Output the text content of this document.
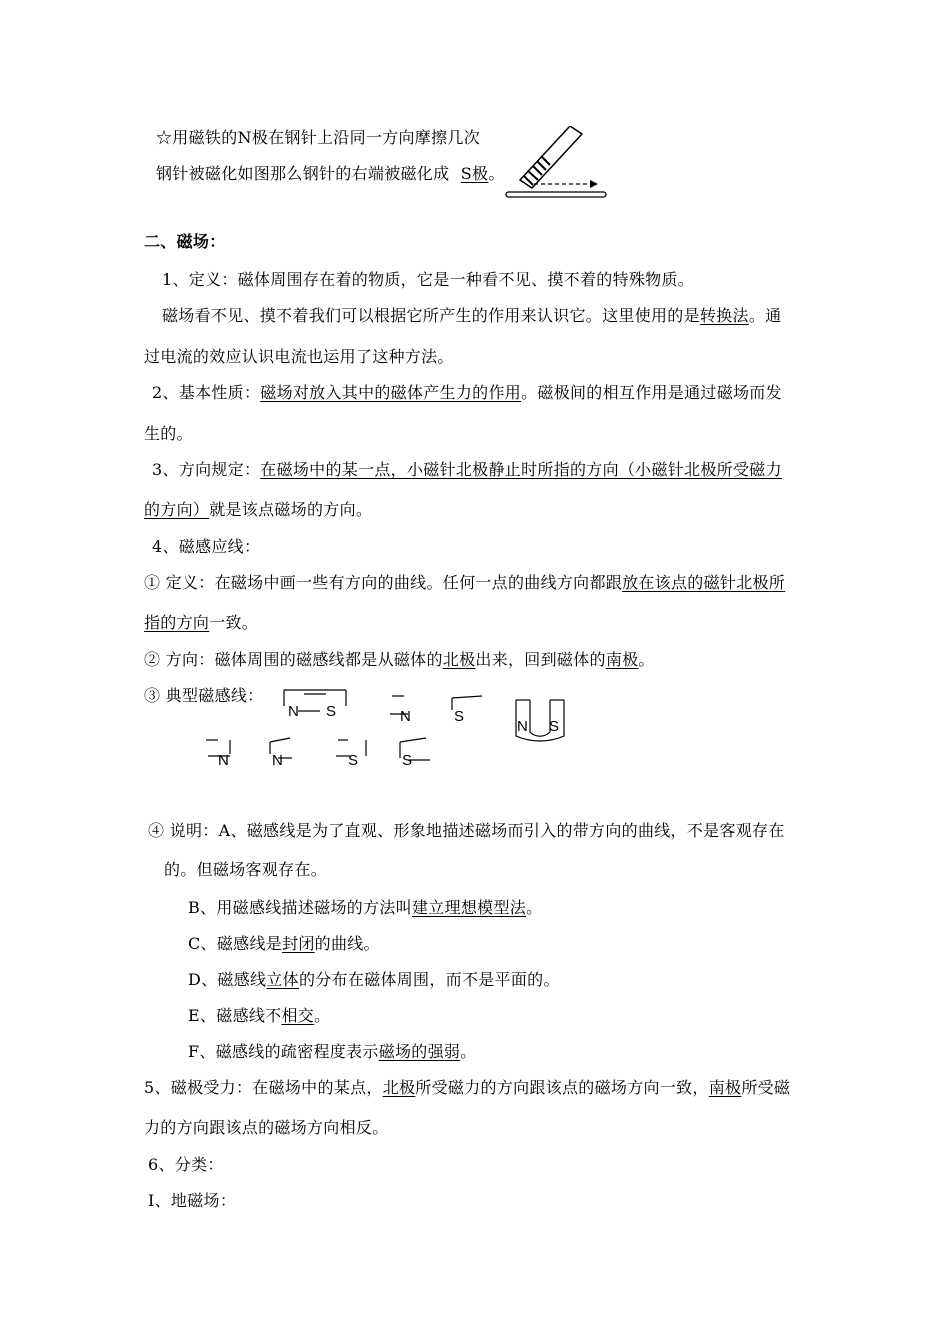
☆用磁铁的N极在钢针上沿同一方向摩擦几次
钢针被磁化如图那么钢针的右端被磁化成 S极。
二、磁场：
1、定义：磁体周围存在着的物质，它是一种看不见、摸不着的特殊物质。
磁场看不见、摸不着我们可以根据它所产生的作用来认识它。这里使用的是转换法。通
过电流的效应认识电流也运用了这种方法。
2、基本性质：磁场对放入其中的磁体产生力的作用。磁极间的相互作用是通过磁场而发
生的。
3、方向规定：在磁场中的某一点，小磁针北极静止时所指的方向（小磁针北极所受磁力
的方向）就是该点磁场的方向。
4、磁感应线：
① 定义：在磁场中画一些有方向的曲线。任何一点的曲线方向都跟放在该点的磁针北极所
指的方向一致。
② 方向：磁体周围的磁感线都是从磁体的北极出来，回到磁体的南极。
③ 典型磁感线：
N S	N	S
N S
N	N	S	S
④ 说明：A、磁感线是为了直观、形象地描述磁场而引入的带方向的曲线，不是客观存在
的。但磁场客观存在。
B、用磁感线描述磁场的方法叫建立理想模型法。
C、磁感线是封闭的曲线。
D、磁感线立体的分布在磁体周围，而不是平面的。
E、磁感线不相交。
F、磁感线的疏密程度表示磁场的强弱。
5、磁极受力：在磁场中的某点，北极所受磁力的方向跟该点的磁场方向一致，南极所受磁
力的方向跟该点的磁场方向相反。
6、分类：
Ⅰ、地磁场：
